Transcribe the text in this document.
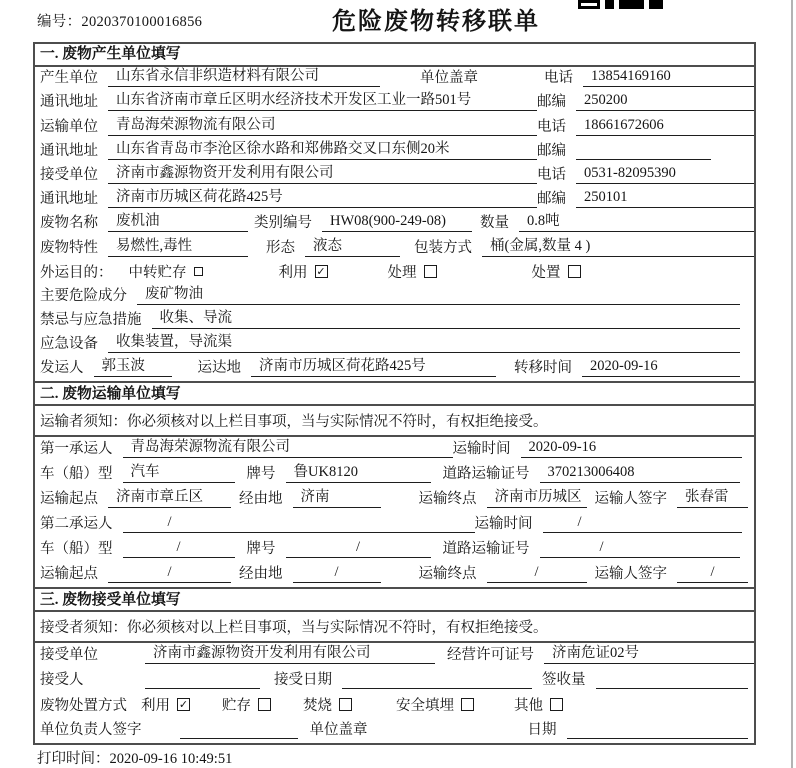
编号：2020370100016856	危险废物转移联单
一. 废物产生单位填写
产生单位	山东省永信非织造材料有限公司	单位盖章	电话	13854169160
通讯地址	山东省济南市章丘区明水经济技术开发区工业一路501号	邮编	250200
运输单位	青岛海荣源物流有限公司	电话	18661672606
通讯地址	山东省青岛市李沧区徐水路和郑佛路交叉口东侧20米	邮编
接受单位	济南市鑫源物资开发利用有限公司	电话	0531-82095390
通讯地址	济南市历城区荷花路425号	邮编	250101
废物名称	废机油	类别编号	HW08(900-249-08)	数量	0.8吨
废物特性	易燃性,毒性	形态	液态	包装方式	桶(金属,数量 4 )
外运目的： 中转贮存	利用 ✓	处理	处置
主要危险成分	废矿物油
禁忌与应急措施	收集、导流
应急设备	收集装置，导流渠
发运人	郭玉波	运达地	济南市历城区荷花路425号	转移时间	2020-09-16
二. 废物运输单位填写
运输者须知： 你必须核对以上栏目事项，当与实际情况不符时，有权拒绝接受。
第一承运人	青岛海荣源物流有限公司	运输时间	2020-09-16
车（船）型	汽车	牌号	鲁UK8120	道路运输证号	370213006408
运输起点	济南市章丘区	经由地	济南	运输终点	济南市历城区 运输人签字	张春雷
第二承运人	/	运输时间	/
车（船）型	/	牌号	/	道路运输证号	/
运输起点	/	经由地	/	运输终点	/	运输人签字	/
三. 废物接受单位填写
接受者须知： 你必须核对以上栏目事项，当与实际情况不符时，有权拒绝接受。
接受单位	济南市鑫源物资开发利用有限公司	经营许可证号	济南危证02号
接受人	接受日期	签收量
废物处置方式 利用 ✓ 贮存	焚烧	安全填埋	其他
单位负责人签字	单位盖章	日期
打印时间：2020-09-16 10:49:51
